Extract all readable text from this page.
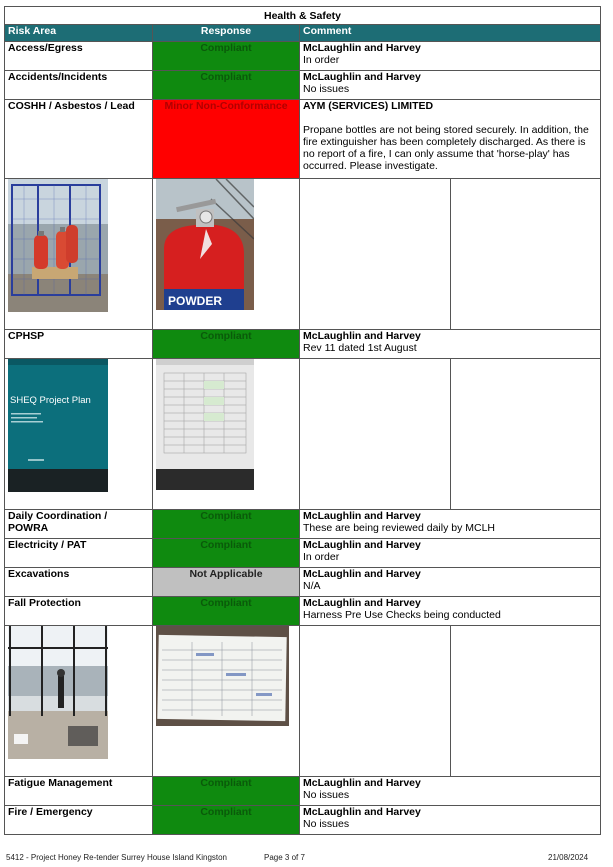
Health & Safety			
Risk Area	Response	Comment	
Access/Egress	Compliant	McLaughlin and Harvey
In order	

Accidents/Incidents	Compliant	McLaughlin and Harvey
No issues	

COSHH / Asbestos / Lead	Minor Non-Conformance	AYM (SERVICES) LIMITED
Propane bottles are not being stored securely. In addition, the fire extinguisher has been completely discharged. As there is no report of a fire, I can only assume that 'horse-play' has occurred. Please investigate.	

POWDER		

CPHSP	Compliant	McLaughlin and Harvey
Rev 11 dated 1st August	

SHEQ Project Plan

Daily Coordination / POWRA	Compliant	McLaughlin and Harvey
These are being reviewed daily by MCLH	

Electricity / PAT	Compliant	McLaughlin and Harvey
In order	

Excavations	Not Applicable	McLaughlin and Harvey
N/A	

Fall Protection	Compliant	McLaughlin and Harvey
Harness Pre Use Checks being conducted	

Fatigue Management	Compliant	McLaughlin and Harvey
No issues	

Fire / Emergency	Compliant	McLaughlin and Harvey
No issues	
5412 - Project Honey Re-tender Surrey House Island Kingston	Page 3 of 7	21/08/2024
